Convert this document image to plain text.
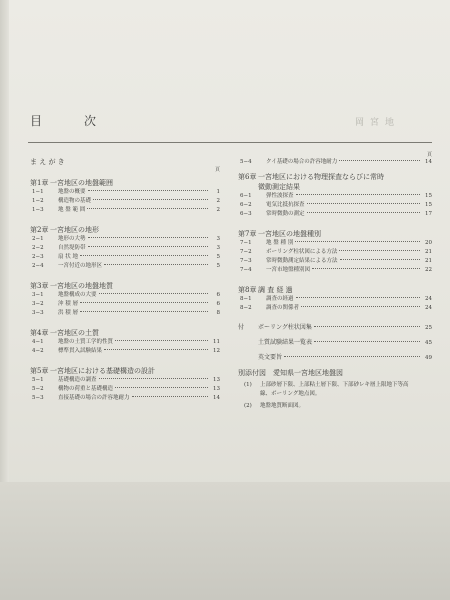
岡宮地
目	次
ま え が き
頁
第1章 一宮地区の地盤範囲
1−1	地盤の概要	1
1−2	構造物の基礎	2
1−3	地 盤 範 囲	2
第2章 一宮地区の地形
2−1	地形の大勢	3
2−2	自然堤防帯	3
2−3	扇 状 地	5
2−4	一宮付近の地形区	5
第3章 一宮地区の地盤地質
3−1	地盤構成の大要	6
3−2	沖 積 層	6
3−3	洪 積 層	8
第4章 一宮地区の土質
4−1	地盤の土質工学的性質	11
4−2	標準貫入試験結果	12
第5章 一宮地区における基礎構造の設計
5−1	基礎構造の調査	13
5−2	構物の荷重と基礎構造	13
5−3	直接基礎の場合の許容地耐力	14
頁
5−4	クイ基礎の場合の許容地耐力	14
第6章 一宮地区における物理探査ならびに常時
微動測定結果
6−1	弾性波探査	15
6−2	電気比抵抗探査	15
6−3	常時微動の測定	17
第7章 一宮地区の地盤種別
7−1	地 盤 種 別	20
7−2	ボーリング柱状図による方法	21
7−3	常時微動測定結果による方法	21
7−4	一宮市地盤種別図	22
第8章 調 査 経 過
8−1	調査の経過	24
8−2	調査の関係者	24
付	ボーリング柱状図集	25
土質試験結果一覧表	45
英文要旨	49
別添付図　愛知県一宮地区地盤図
(1)	上部砂層下限、上部粘土層下限、下部砂レキ層上限地下等高線、ボーリング地点図。
(2)	地盤地質断面図。
